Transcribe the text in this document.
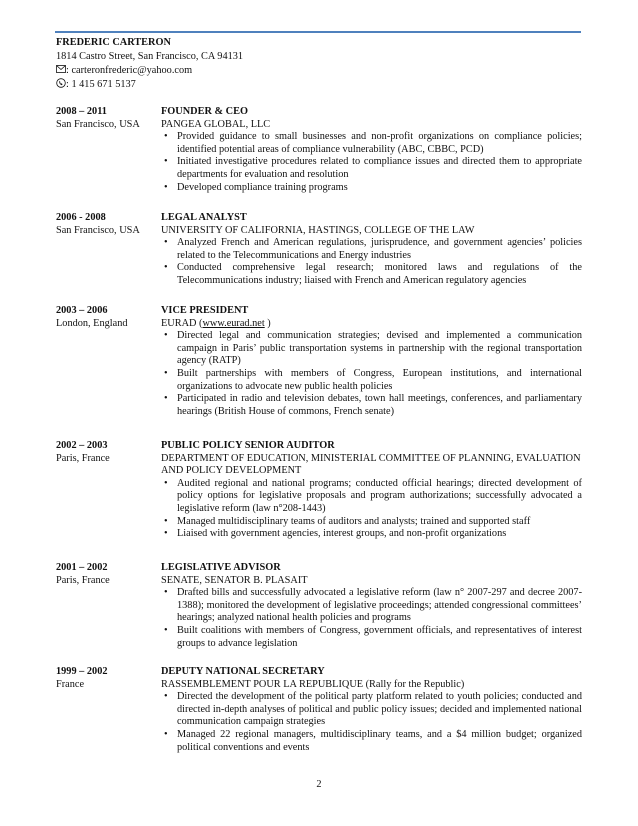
FREDERIC CARTERON
1814 Castro Street, San Francisco, CA 94131
: carteronfrederic@yahoo.com
: 1 415 671 5137
2008 – 2011
San Francisco, USA
FOUNDER & CEO
PANGEA GLOBAL, LLC
• Provided guidance to small businesses and non-profit organizations on compliance policies; identified potential areas of compliance vulnerability (ABC, CBBC, PCD)
• Initiated investigative procedures related to compliance issues and directed them to appropriate departments for evaluation and resolution
• Developed compliance training programs
2006 - 2008
San Francisco, USA
LEGAL ANALYST
UNIVERSITY OF CALIFORNIA, HASTINGS, COLLEGE OF THE LAW
• Analyzed French and American regulations, jurisprudence, and government agencies’ policies related to the Telecommunications and Energy industries
• Conducted comprehensive legal research; monitored laws and regulations of the Telecommunications industry; liaised with French and American regulatory agencies
2003 – 2006
London, England
VICE PRESIDENT
EURAD (www.eurad.net )
• Directed legal and communication strategies; devised and implemented a communication campaign in Paris’ public transportation systems in partnership with the regional transportation agency (RATP)
• Built partnerships with members of Congress, European institutions, and international organizations to advocate new public health policies
• Participated in radio and television debates, town hall meetings, conferences, and parliamentary hearings (British House of commons, French senate)
2002 – 2003
Paris, France
PUBLIC POLICY SENIOR AUDITOR
DEPARTMENT OF EDUCATION, MINISTERIAL COMMITTEE OF PLANNING, EVALUATION AND POLICY DEVELOPMENT
• Audited regional and national programs; conducted official hearings; directed development of policy options for legislative proposals and program authorizations; successfully advocated a legislative reform (law n°208-1443)
• Managed multidisciplinary teams of auditors and analysts; trained and supported staff
• Liaised with government agencies, interest groups, and non-profit organizations
2001 – 2002
Paris, France
LEGISLATIVE ADVISOR
SENATE, SENATOR B. PLASAIT
• Drafted bills and successfully advocated a legislative reform (law n° 2007-297 and decree 2007-1388); monitored the development of legislative proceedings; attended congressional committees’ hearings; analyzed national health policies and programs
• Built coalitions with members of Congress, government officials, and representatives of interest groups to advance legislation
1999 – 2002
France
DEPUTY NATIONAL SECRETARY
RASSEMBLEMENT POUR LA REPUBLIQUE (Rally for the Republic)
• Directed the development of the political party platform related to youth policies; conducted and directed in-depth analyses of political and public policy issues; decided and implemented national communication campaign strategies
• Managed 22 regional managers, multidisciplinary teams, and a $4 million budget; organized political conventions and events
2
